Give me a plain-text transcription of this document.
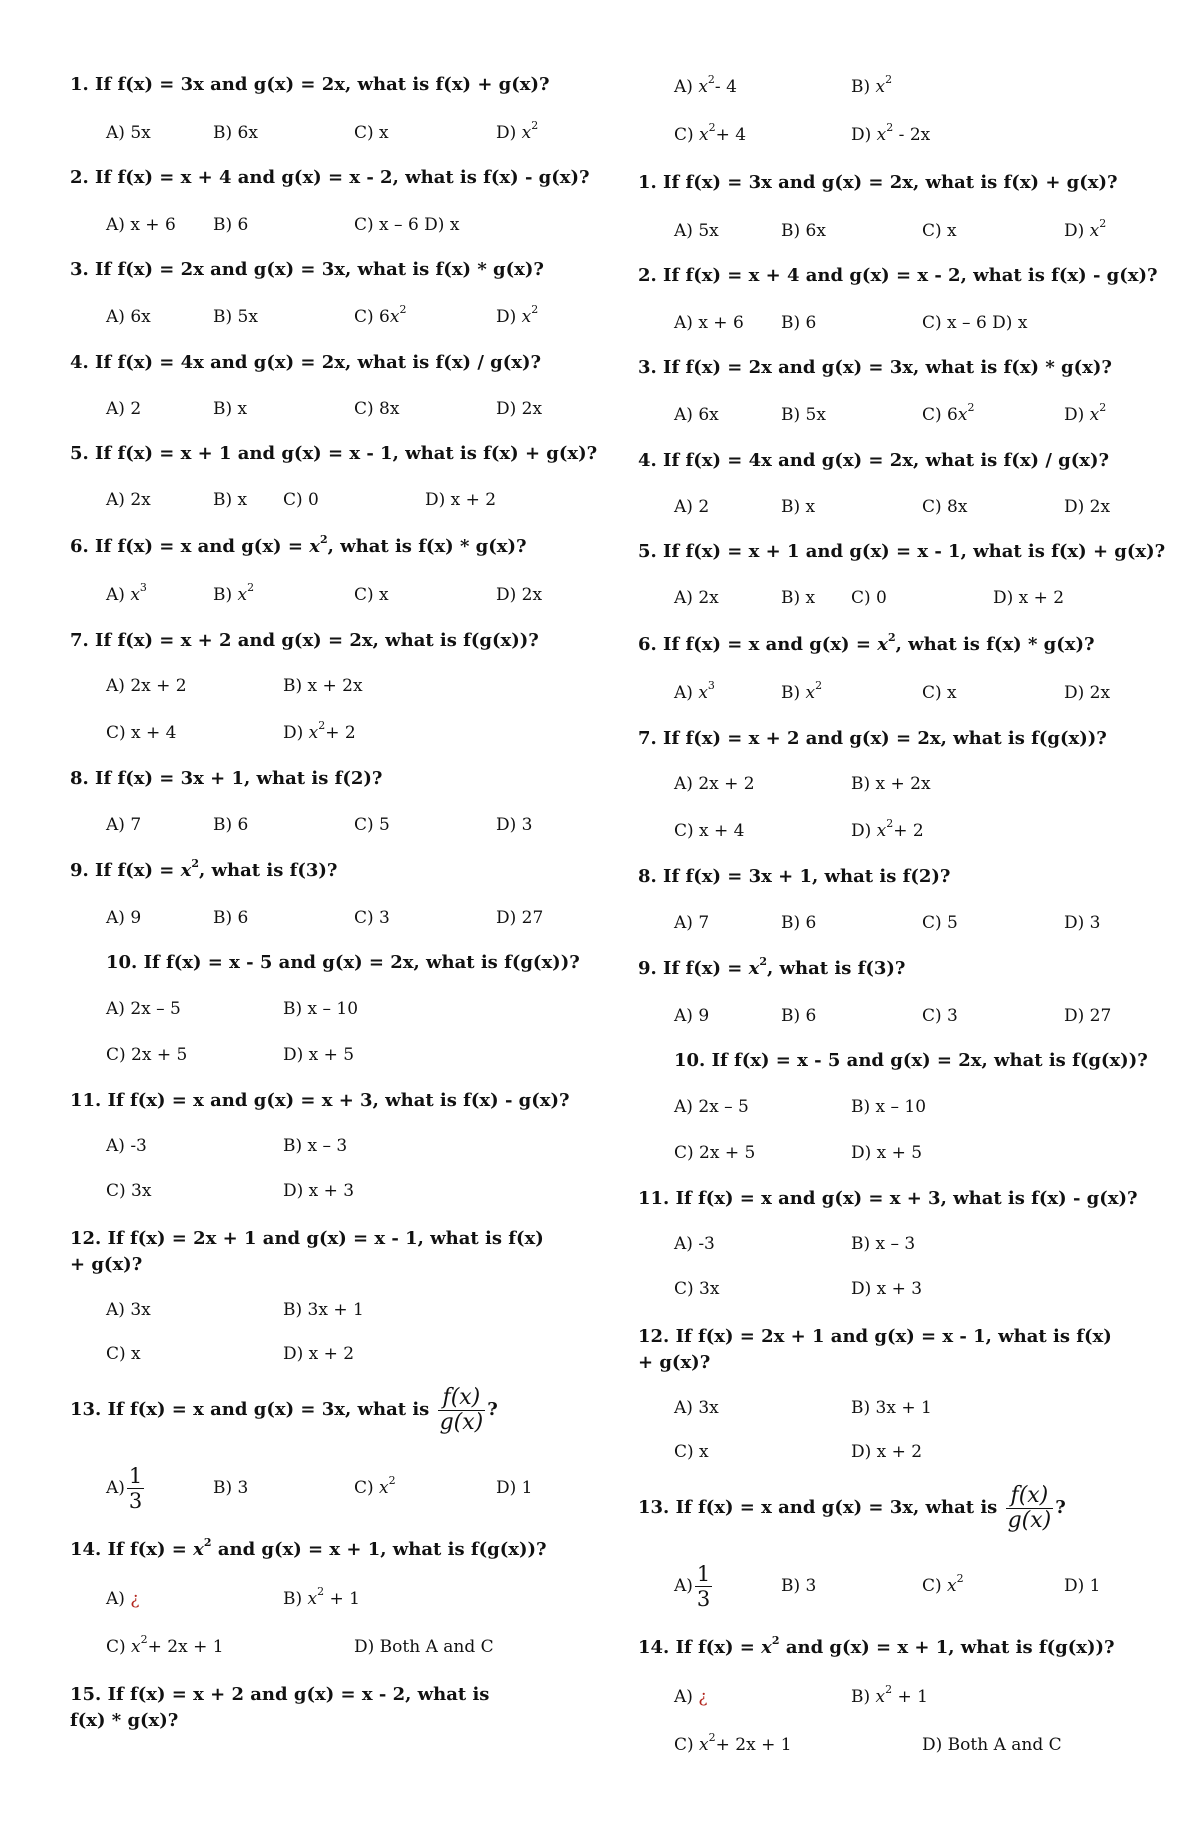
1. If f(x) = 3x and g(x) = 2x, what is f(x) + g(x)?
A) 5x	B) 6x	C) x	D) $x^2$
2. If f(x) = x + 4 and g(x) = x - 2, what is f(x) - g(x)?
A) x + 6 B) 6	C) x – 6 D) x
3. If f(x) = 2x and g(x) = 3x, what is f(x) * g(x)?
A) 6x	B) 5x	C) $6x^2$	D) $x^2$
4. If f(x) = 4x and g(x) = 2x, what is f(x) / g(x)?
A) 2	B) x	C) 8x	D) 2x
5. If f(x) = x + 1 and g(x) = x - 1, what is f(x) + g(x)?
A) 2x	B) x C) 0	D) x + 2
6. If f(x) = x and $g(x) = x^2$, what is f(x) * g(x)?
A) $x^3$	B) $x^2$	C) x	D) 2x
7. If f(x) = x + 2 and g(x) = 2x, what is f(g(x))?
A) 2x + 2	B) x + 2x
C) x + 4	D) $x^2+ 2$
8. If f(x) = 3x + 1, what is f(2)?
A) 7	B) 6	C) 5	D) 3
9. If $f(x) = x^2$, what is f(3)?
A) 9	B) 6	C) 3	D) 27
10. If f(x) = x - 5 and g(x) = 2x, what is f(g(x))?
A) 2x – 5	B) x – 10
C) 2x + 5	D) x + 5
11. If f(x) = x and g(x) = x + 3, what is f(x) - g(x)?
A) -3	B) x – 3
C) 3x	D) x + 3
12. If f(x) = 2x + 1 and g(x) = x - 1, what is f(x) + g(x)?
A) 3x	B) 3x + 1
C) x	D) x + 2
13. If f(x) = x and g(x) = 3x, what is $\frac{f(x)}{g(x)}$ ?
$A) \frac{1}{3}$	B) 3	C) $x^2$	D) 1
14. If $f(x) = x^2$ and g(x) = x + 1, what is f(g(x))?
A) ¿	B) $x^2 + 1$
C) $x^2+ 2x + 1$	D) Both A and C
15. If f(x) = x + 2 and g(x) = x - 2, what is f(x) * g(x)?
A) $x^2-$ 4	B) $x^2$
C) $x^2+ 4$	D) $x^2 - 2x$
1. If f(x) = 3x and g(x) = 2x, what is f(x) + g(x)?
A) 5x	B) 6x	C) x	D) $x^2$
2. If f(x) = x + 4 and g(x) = x - 2, what is f(x) - g(x)?
A) x + 6 B) 6	C) x – 6 D) x
3. If f(x) = 2x and g(x) = 3x, what is f(x) * g(x)?
A) 6x	B) 5x	C) $6x^2$	D) $x^2$
4. If f(x) = 4x and g(x) = 2x, what is f(x) / g(x)?
A) 2	B) x	C) 8x	D) 2x
5. If f(x) = x + 1 and g(x) = x - 1, what is f(x) + g(x)?
A) 2x	B) x C) 0	D) x + 2
6. If f(x) = x and $g(x) = x^2$, what is f(x) * g(x)?
A) $x^3$	B) $x^2$	C) x	D) 2x
7. If f(x) = x + 2 and g(x) = 2x, what is f(g(x))?
A) 2x + 2	B) x + 2x
C) x + 4	D) $x^2+ 2$
8. If f(x) = 3x + 1, what is f(2)?
A) 7	B) 6	C) 5	D) 3
9. If $f(x) = x^2$, what is f(3)?
A) 9	B) 6	C) 3	D) 27
10. If f(x) = x - 5 and g(x) = 2x, what is f(g(x))?
A) 2x – 5	B) x – 10
C) 2x + 5	D) x + 5
11. If f(x) = x and g(x) = x + 3, what is f(x) - g(x)?
A) -3	B) x – 3
C) 3x	D) x + 3
12. If f(x) = 2x + 1 and g(x) = x - 1, what is f(x) + g(x)?
A) 3x	B) 3x + 1
C) x	D) x + 2
13. If f(x) = x and g(x) = 3x, what is $\frac{f(x)}{g(x)}$ ?
$A) \frac{1}{3}$	B) 3	C) $x^2$	D) 1
14. If $f(x) = x^2$ and g(x) = x + 1, what is f(g(x))?
A) ¿	B) $x^2 + 1$
C) $x^2+ 2x + 1$	D) Both A and C
